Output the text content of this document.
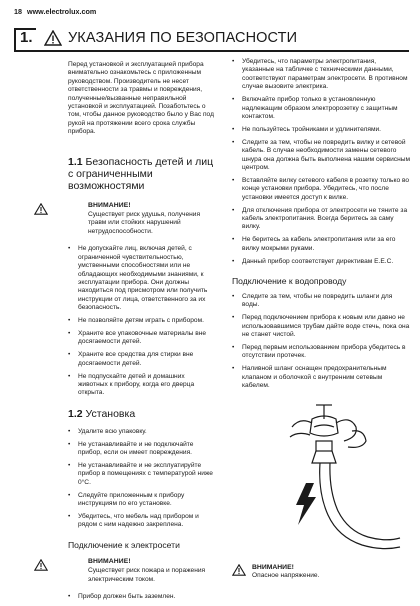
18 www.electrolux.com
1. УКАЗАНИЯ ПО БЕЗОПАСНОСТИ

Перед установкой и эксплуатацией прибора внимательно ознакомьтесь с приложенным руководством. Производитель не несет ответственности за травмы и повреждения, полученные/вызванные неправильной установкой и эксплуатацией. Позаботьтесь о том, чтобы данное руководство было у Вас под рукой на протяжении всего срока службы прибора.

1.1 Безопасность детей и лиц с ограниченными возможностями
ВНИМАНИЕ!
Существует риск удушья, получения травм или стойких нарушений нетрудоспособности.
• Не допускайте лиц, включая детей, с ограниченной чувствительностью, умственными способностями или не обладающих необходимыми знаниями, к эксплуатации прибора. Они должны находиться под присмотром или получить инструкции от лица, ответственного за их безопасность.
• Не позволяйте детям играть с прибором.
• Храните все упаковочные материалы вне досягаемости детей.
• Храните все средства для стирки вне досягаемости детей.
• Не подпускайте детей и домашних животных к прибору, когда его дверца открыта.
1.2 Установка
• Удалите всю упаковку.
• Не устанавливайте и не подключайте прибор, если он имеет повреждения.
• Не устанавливайте и не эксплуатируйте прибор в помещениях с температурой ниже 0°С.
• Следуйте приложенным к прибору инструкциям по его установке.
• Убедитесь, что мебель над прибором и рядом с ним надежно закреплена.
Подключение к электросети
ВНИМАНИЕ!
Существует риск пожара и поражения электрическим током.
• Прибор должен быть заземлен.
• Убедитесь, что параметры электропитания, указанные на табличке с техническими данными, соответствуют параметрам электросети. В противном случае вызовите электрика.
• Включайте прибор только в установленную надлежащим образом электророзетку с защитным контактом.
• Не пользуйтесь тройниками и удлинителями.
• Следите за тем, чтобы не повредить вилку и сетевой кабель. В случае необходимости замены сетевого шнура она должна быть выполнена нашим сервисным центром.
• Вставляйте вилку сетевого кабеля в розетку только во конце установки прибора. Убедитесь, что после установки имеется доступ к вилке.
• Для отключения прибора от электросети не тяните за кабель электропитания. Всегда беритесь за саму вилку.
• Не беритесь за кабель электропитания или за его вилку мокрыми руками.
• Данный прибор соответствует директивам Е.Е.С.
Подключение к водопроводу
• Следите за тем, чтобы не повредить шланги для воды.
• Перед подключением прибора к новым или давно не использовавшимся трубам дайте воде стечь, пока она не станет чистой.
• Перед первым использованием прибора убедитесь в отсутствии протечек.
• Наливной шланг оснащен предохранительным клапаном и оболочкой с внутренним сетевым кабелем.
ВНИМАНИЕ!
Опасное напряжение.
